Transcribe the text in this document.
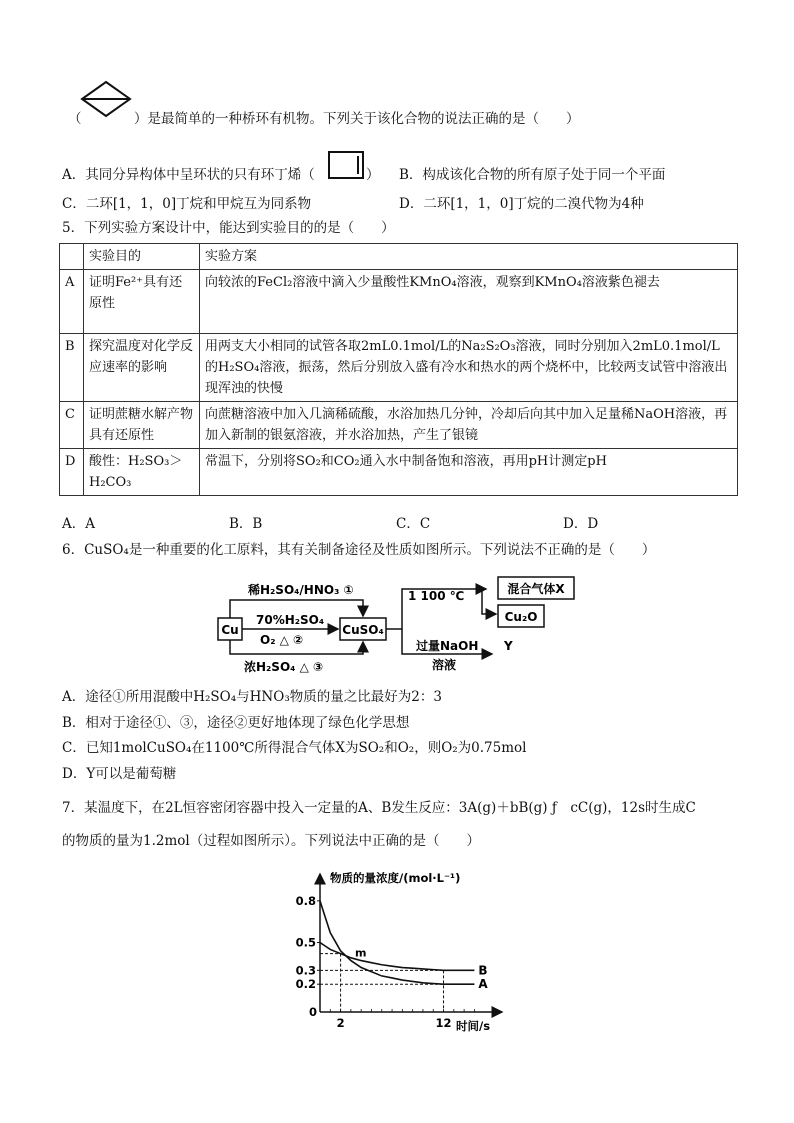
（	）是最简单的一种桥环有机物。下列关于该化合物的说法正确的是（　　）
A．其同分异构体中呈环状的只有环丁烯（	） B．构成该化合物的所有原子处于同一个平面
C．二环[1，1，0]丁烷和甲烷互为同系物	D．二环[1，1，0]丁烷的二溴代物为4种
5．下列实验方案设计中，能达到实验目的的是（　　）
	实验目的	实验方案
A	证明Fe²⁺具有还原性	向较浓的FeCl₂溶液中滴入少量酸性KMnO₄溶液，观察到KMnO₄溶液紫色褪去
B	探究温度对化学反应速率的影响	用两支大小相同的试管各取2mL0.1mol/L的Na₂S₂O₃溶液，同时分别加入2mL0.1mol/L的H₂SO₄溶液，振荡，然后分别放入盛有冷水和热水的两个烧杯中，比较两支试管中溶液出现浑浊的快慢
C	证明蔗糖水解产物具有还原性	向蔗糖溶液中加入几滴稀硫酸，水浴加热几分钟，冷却后向其中加入足量稀NaOH溶液，再加入新制的银氨溶液，并水浴加热，产生了银镜
D	酸性：H₂SO₃＞H₂CO₃	常温下，分别将SO₂和CO₂通入水中制备饱和溶液，再用pH计测定pH
A．A	B．B	C．C	D．D
6．CuSO₄是一种重要的化工原料，其有关制备途径及性质如图所示。下列说法不正确的是（　　）
Cu	CuSO₄
稀H₂SO₄/HNO₃ ①
70%H₂SO₄
O₂ △ ②
浓H₂SO₄ △ ③
1 100 ℃	混合气体X
Cu₂O
过量NaOH
溶液
Y
A．途径①所用混酸中H₂SO₄与HNO₃物质的量之比最好为2：3
B．相对于途径①、③，途径②更好地体现了绿色化学思想
C．已知1molCuSO₄在1100℃所得混合气体X为SO₂和O₂，则O₂为0.75mol
D．Y可以是葡萄糖
7．某温度下，在2L恒容密闭容器中投入一定量的A、B发生反应：3A(g)＋bB(g) ƒ　cC(g)，12s时生成C
的物质的量为1.2mol（过程如图所示）。下列说法中正确的是（　　）
A
B
0.8
0.5
0.3
0.2
2	12
物质的量浓度/(mol·L⁻¹)
时间/s
0
m
